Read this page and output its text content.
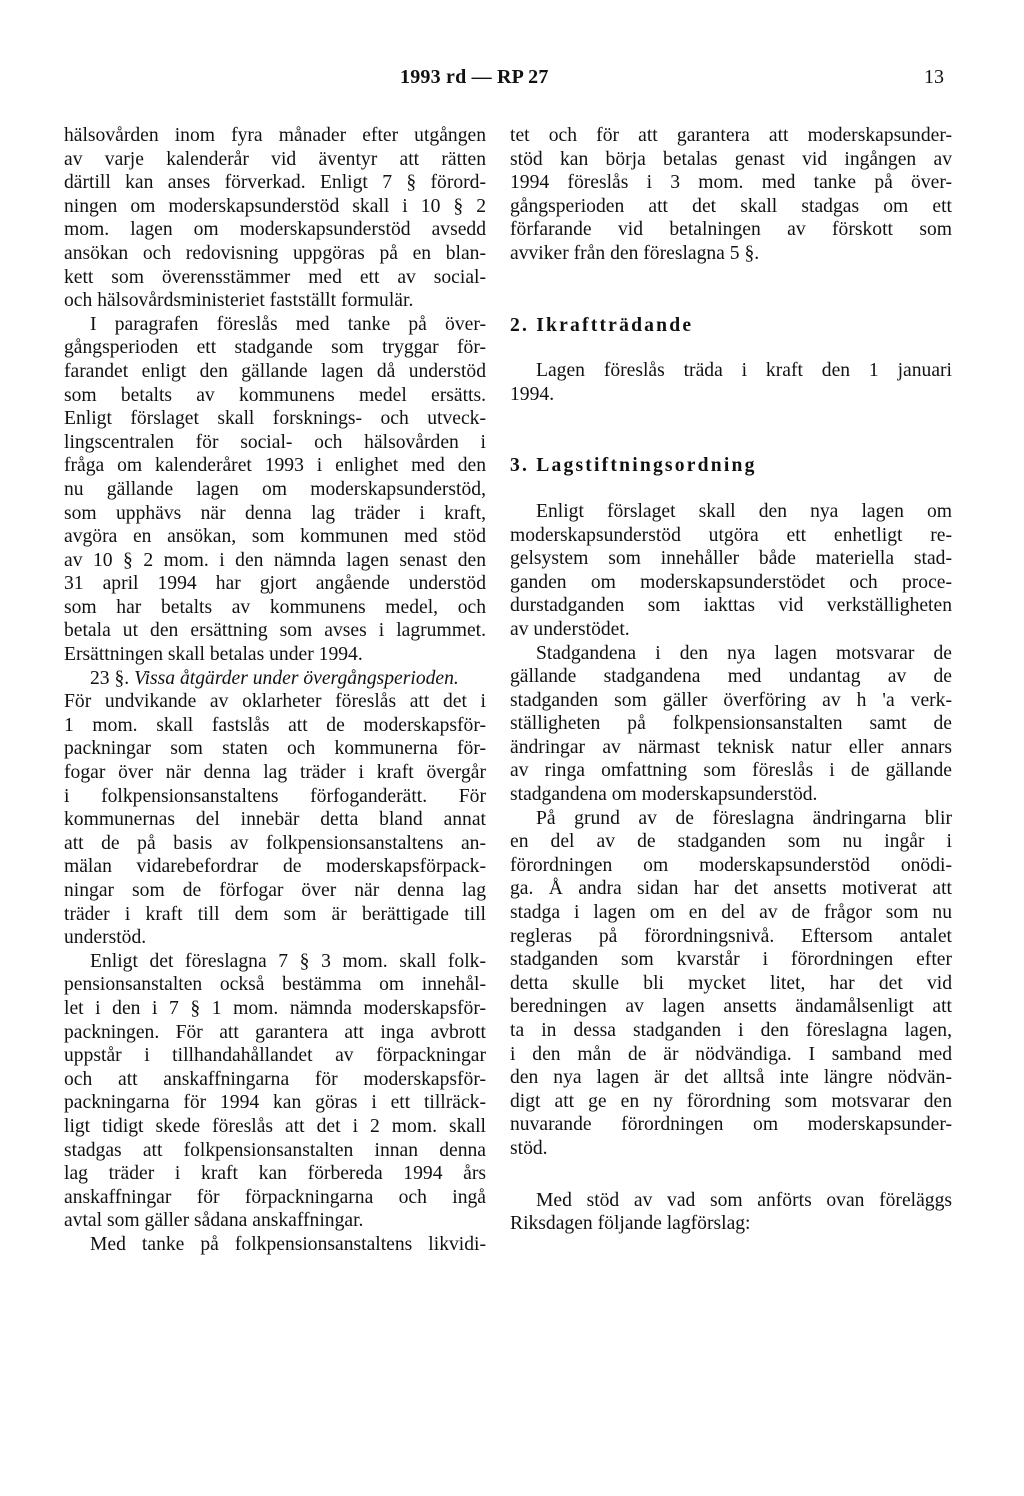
1993 rd — RP 27	13
hälsovården inom fyra månader efter utgången
av varje kalenderår vid äventyr att rätten
därtill kan anses förverkad. Enligt 7 § förord-
ningen om moderskapsunderstöd skall i 10 § 2
mom. lagen om moderskapsunderstöd avsedd
ansökan och redovisning uppgöras på en blan-
kett som överensstämmer med ett av social-
och hälsovårdsministeriet fastställt formulär.
I paragrafen föreslås med tanke på över-
gångsperioden ett stadgande som tryggar för-
farandet enligt den gällande lagen då understöd
som betalts av kommunens medel ersätts.
Enligt förslaget skall forsknings- och utveck-
lingscentralen för social- och hälsovården i
fråga om kalenderåret 1993 i enlighet med den
nu gällande lagen om moderskapsunderstöd,
som upphävs när denna lag träder i kraft,
avgöra en ansökan, som kommunen med stöd
av 10 § 2 mom. i den nämnda lagen senast den
31 april 1994 har gjort angående understöd
som har betalts av kommunens medel, och
betala ut den ersättning som avses i lagrummet.
Ersättningen skall betalas under 1994.
23 §. Vissa åtgärder under övergångsperioden.
För undvikande av oklarheter föreslås att det i
1 mom. skall fastslås att de moderskapsför-
packningar som staten och kommunerna för-
fogar över när denna lag träder i kraft övergår
i folkpensionsanstaltens förfoganderätt. För
kommunernas del innebär detta bland annat
att de på basis av folkpensionsanstaltens an-
mälan vidarebefordrar de moderskapsförpack-
ningar som de förfogar över när denna lag
träder i kraft till dem som är berättigade till
understöd.
Enligt det föreslagna 7 § 3 mom. skall folk-
pensionsanstalten också bestämma om innehål-
let i den i 7 § 1 mom. nämnda moderskapsför-
packningen. För att garantera att inga avbrott
uppstår i tillhandahållandet av förpackningar
och att anskaffningarna för moderskapsför-
packningarna för 1994 kan göras i ett tillräck-
ligt tidigt skede föreslås att det i 2 mom. skall
stadgas att folkpensionsanstalten innan denna
lag träder i kraft kan förbereda 1994 års
anskaffningar för förpackningarna och ingå
avtal som gäller sådana anskaffningar.
Med tanke på folkpensionsanstaltens likvidi-
tet och för att garantera att moderskapsunder-
stöd kan börja betalas genast vid ingången av
1994 föreslås i 3 mom. med tanke på över-
gångsperioden att det skall stadgas om ett
förfarande vid betalningen av förskott som
avviker från den föreslagna 5 §.
2. Ikraftträdande
Lagen föreslås träda i kraft den 1 januari
1994.
3. Lagstiftningsordning
Enligt förslaget skall den nya lagen om
moderskapsunderstöd utgöra ett enhetligt re-
gelsystem som innehåller både materiella stad-
ganden om moderskapsunderstödet och proce-
durstadganden som iakttas vid verkställigheten
av understödet.
Stadgandena i den nya lagen motsvarar de
gällande stadgandena med undantag av de
stadganden som gäller överföring av h 'a verk-
ställigheten på folkpensionsanstalten samt de
ändringar av närmast teknisk natur eller annars
av ringa omfattning som föreslås i de gällande
stadgandena om moderskapsunderstöd.
På grund av de föreslagna ändringarna blir
en del av de stadganden som nu ingår i
förordningen om moderskapsunderstöd onödi-
ga. Å andra sidan har det ansetts motiverat att
stadga i lagen om en del av de frågor som nu
regleras på förordningsnivå. Eftersom antalet
stadganden som kvarstår i förordningen efter
detta skulle bli mycket litet, har det vid
beredningen av lagen ansetts ändamålsenligt att
ta in dessa stadganden i den föreslagna lagen,
i den mån de är nödvändiga. I samband med
den nya lagen är det alltså inte längre nödvän-
digt att ge en ny förordning som motsvarar den
nuvarande förordningen om moderskapsunder-
stöd.
Med stöd av vad som anförts ovan föreläggs
Riksdagen följande lagförslag:
